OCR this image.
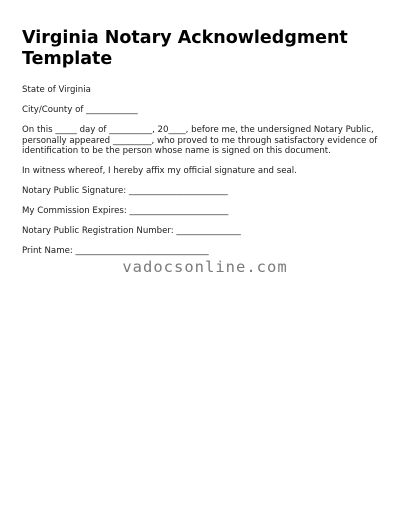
Virginia Notary Acknowledgment Template
State of Virginia
City/County of ____________
On this _____ day of __________, 20____, before me, the undersigned Notary Public, personally appeared _________, who proved to me through satisfactory evidence of identification to be the person whose name is signed on this document.
In witness whereof, I hereby affix my official signature and seal.
Notary Public Signature: _______________________
My Commission Expires: _______________________
Notary Public Registration Number: _______________
Print Name: _______________________________
vadocsonline.com
